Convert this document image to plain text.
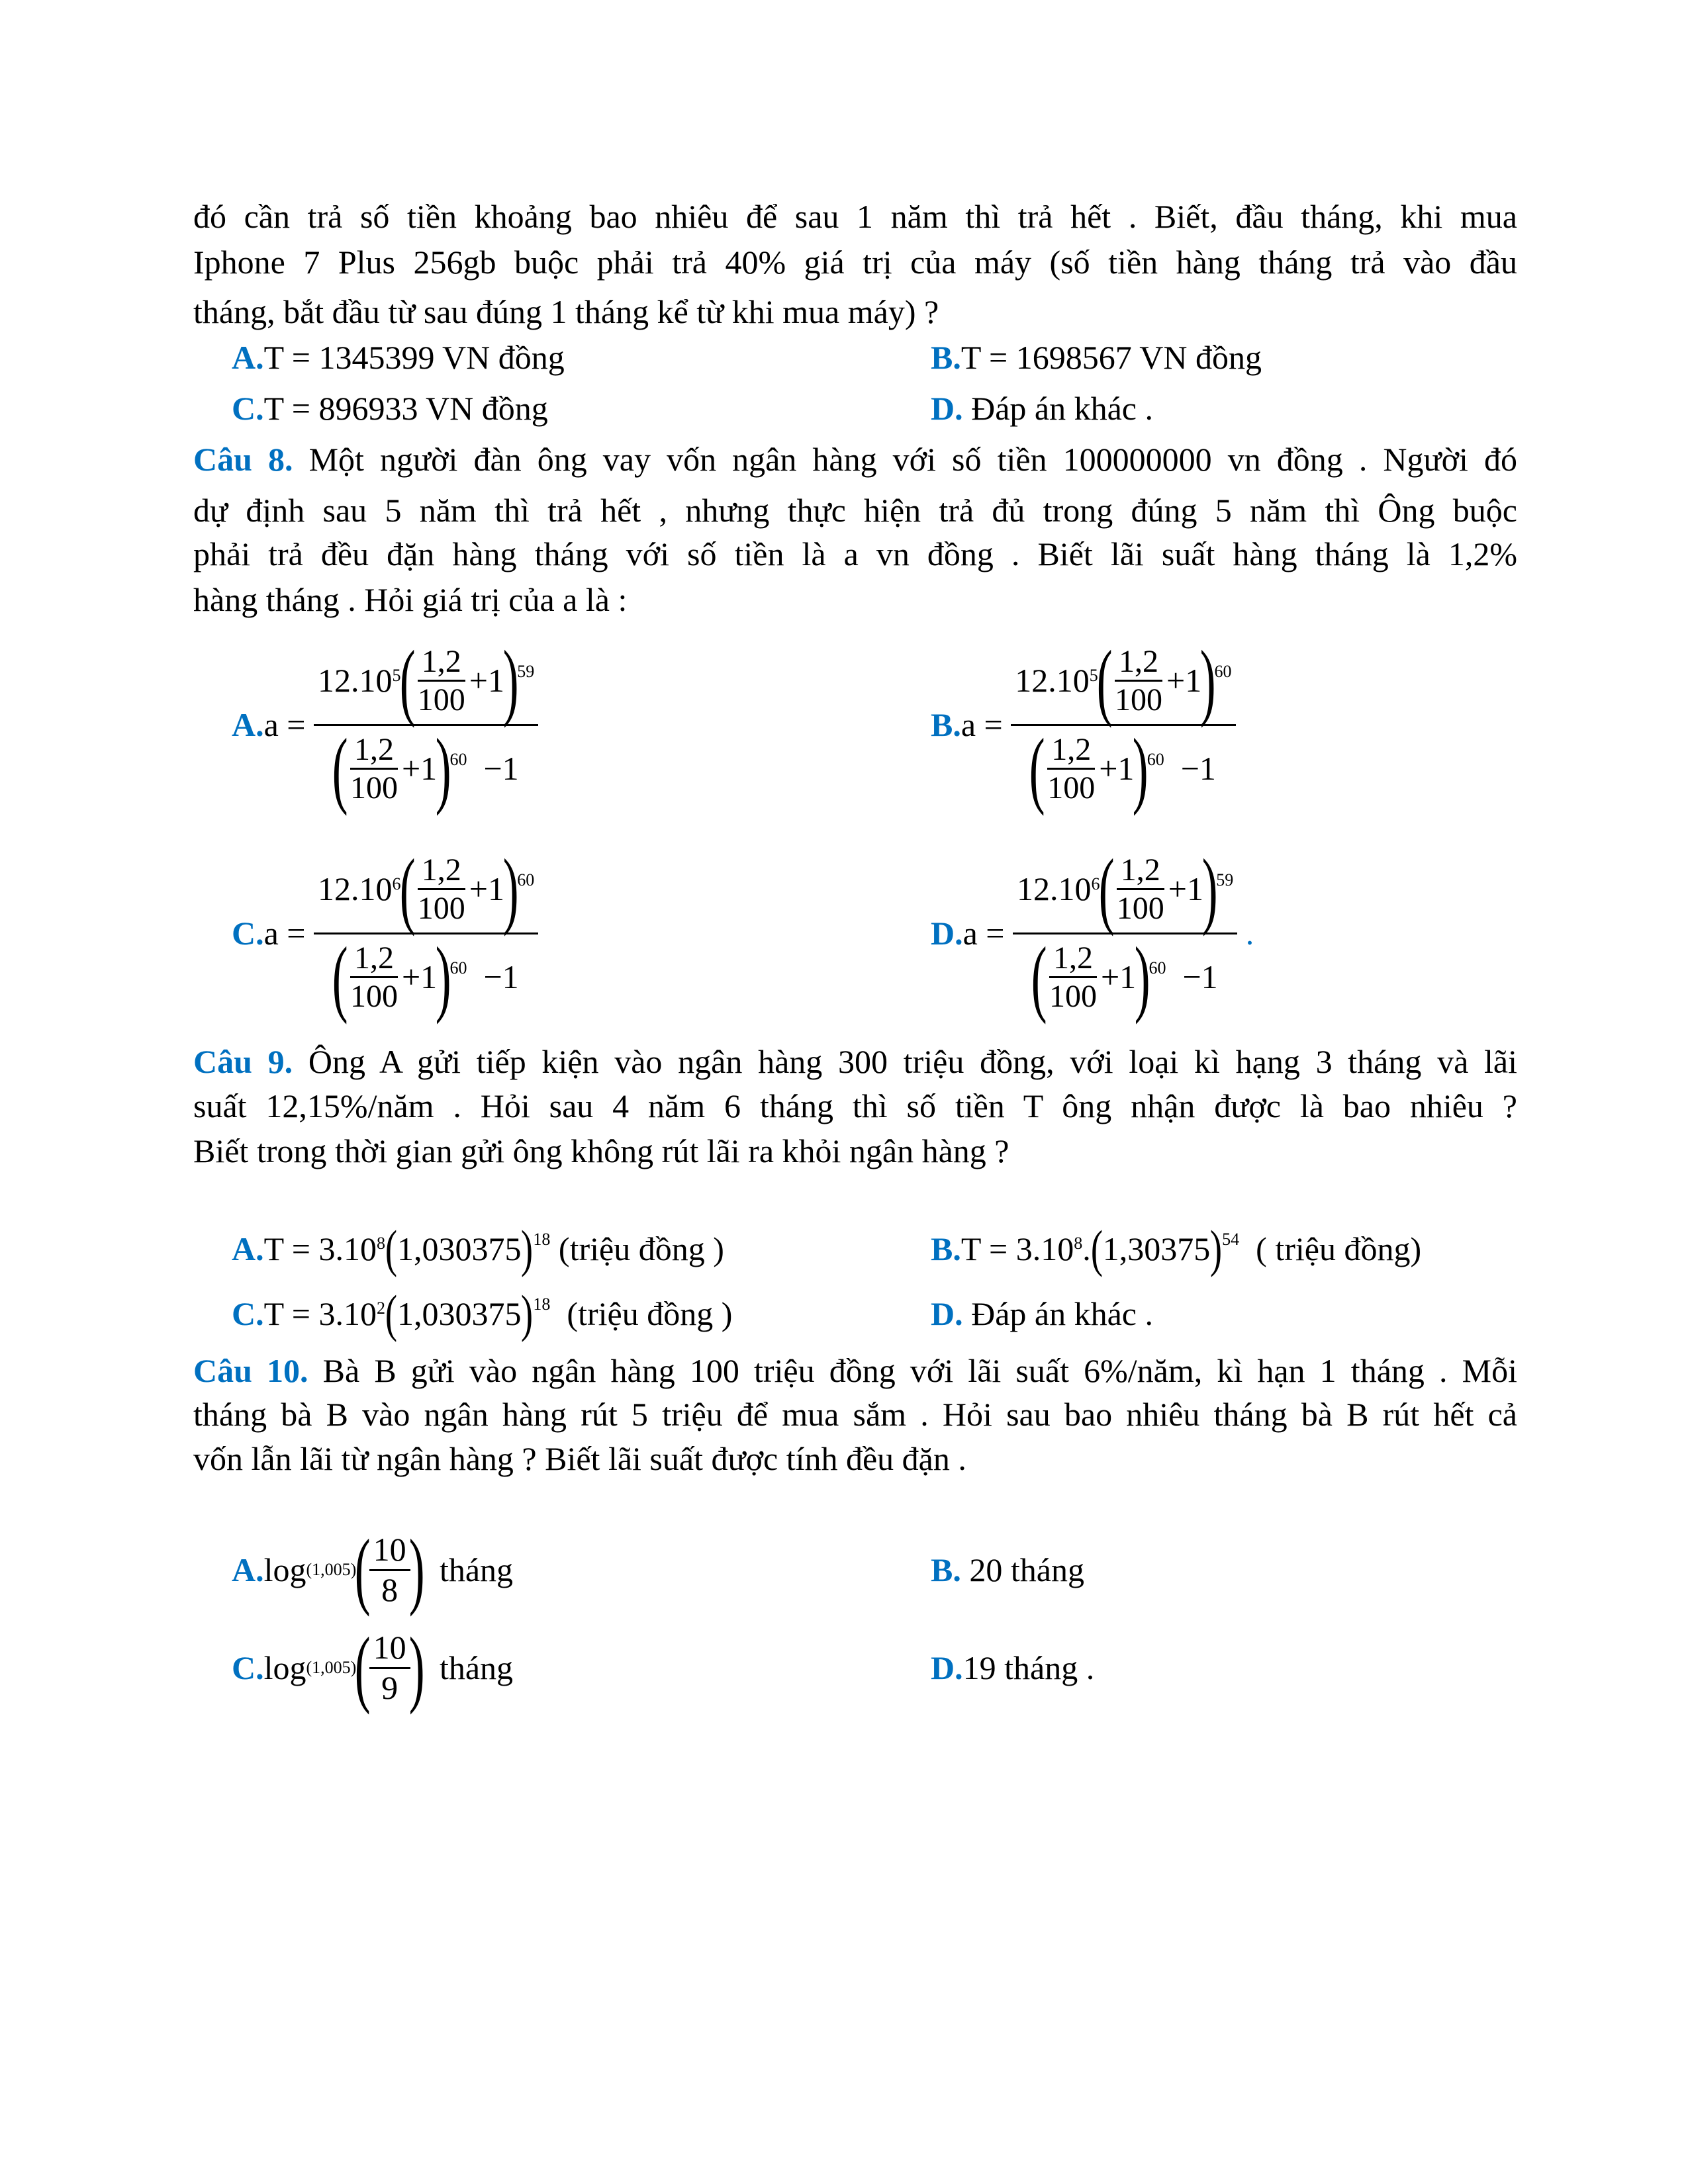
đó cần trả số tiền khoảng bao nhiêu để sau 1 năm thì trả hết . Biết, đầu tháng, khi mua
Iphone 7 Plus 256gb buộc phải trả 40% giá trị của máy (số tiền hàng tháng trả vào đầu
tháng, bắt đầu từ sau đúng 1 tháng kể từ khi mua máy) ?
A.T = 1345399 VN đồng	B.T = 1698567 VN đồng
C.T = 896933 VN đồng	D. Đáp án khác .
Câu 8. Một người đàn ông vay vốn ngân hàng với số tiền 100000000 vn đồng . Người đó
dự định sau 5 năm thì trả hết , nhưng thực hiện trả đủ trong đúng 5 năm thì Ông buộc
phải trả đều đặn hàng tháng với số tiền là a vn đồng . Biết lãi suất hàng tháng là 1,2%
hàng tháng . Hỏi giá trị của a là :
A. a =
12.10$^5$
(
$\frac{1,2}{100} +1$
)
$^{59}$
(
$\frac{1,2}{100} +1$
)
$^{60}$
−1	B. a =
12.10$^5$
(
$\frac{1,2}{100} +1$
)
$^{60}$
(
$\frac{1,2}{100} +1$
)
$^{60}$
−1
C. a =
12.10$^6$
(
$\frac{1,2}{100} +1$
)
$^{60}$
(
$\frac{1,2}{100} +1$
)
$^{60}$
−1	D. a =
12.10$^6$
(
$\frac{1,2}{100} +1$
)
$^{59}$
(
$\frac{1,2}{100} +1$
)
$^{60}$
−1
.
Câu 9. Ông A gửi tiếp kiện vào ngân hàng 300 triệu đồng, với loại kì hạng 3 tháng và lãi
suất 12,15%/năm . Hỏi sau 4 năm 6 tháng thì số tiền T ông nhận được là bao nhiêu ?
Biết trong thời gian gửi ông không rút lãi ra khỏi ngân hàng ?
A. $T = 3.10^8$ ( 1,030375 )$^{18}$
(triệu đồng )	B. $T = 3.10^8$ . ( 1,30375 )$^{54}$
( triệu đồng)
C. $T = 3.10^2$ ( 1,030375 )$^{18}$
(triệu đồng )	D.
Đáp án khác .
Câu 10. Bà B gửi vào ngân hàng 100 triệu đồng với lãi suất 6%/năm, kì hạn 1 tháng . Mỗi
tháng bà B vào ngân hàng rút 5 triệu để mua sắm . Hỏi sau bao nhiêu tháng bà B rút hết cả
vốn lẫn lãi từ ngân hàng ? Biết lãi suất được tính đều đặn .
A. log (1,005)
(
$\frac{10}{8}$
)
tháng	B.
20 tháng
C. log (1,005)
(
$\frac{10}{9}$
)
tháng	D. 19 tháng .
